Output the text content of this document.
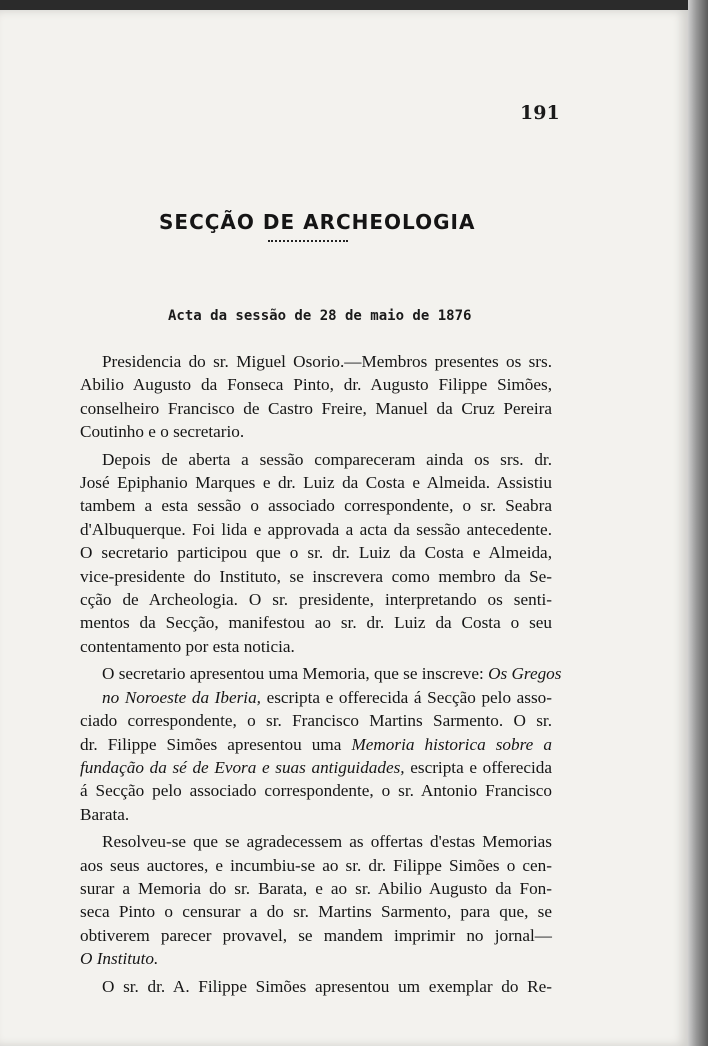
191
SECÇÃO DE ARCHEOLOGIA
Acta da sessão de 28 de maio de 1876

Presidencia do sr. Miguel Osorio.—Membros presentes os srs.
Abilio Augusto da Fonseca Pinto, dr. Augusto Filippe Simões,
conselheiro Francisco de Castro Freire, Manuel da Cruz Pereira
Coutinho e o secretario.

Depois de aberta a sessão compareceram ainda os srs. dr.
José Epiphanio Marques e dr. Luiz da Costa e Almeida. Assistiu
tambem a esta sessão o associado correspondente, o sr. Seabra
d'Albuquerque. Foi lida e approvada a acta da sessão antecedente.
O secretario participou que o sr. dr. Luiz da Costa e Almeida,
vice-presidente do Instituto, se inscrevera como membro da Se-
cção de Archeologia. O sr. presidente, interpretando os senti-
mentos da Secção, manifestou ao sr. dr. Luiz da Costa o seu
contentamento por esta noticia.

O secretario apresentou uma Memoria, que se inscreve: Os Gregos
no Noroeste da Iberia, escripta e offerecida á Secção pelo asso-
ciado correspondente, o sr. Francisco Martins Sarmento. O sr.
dr. Filippe Simões apresentou uma Memoria historica sobre a
fundação da sé de Evora e suas antiguidades, escripta e offerecida
á Secção pelo associado correspondente, o sr. Antonio Francisco
Barata.

Resolveu-se que se agradecessem as offertas d'estas Memorias
aos seus auctores, e incumbiu-se ao sr. dr. Filippe Simões o cen-
surar a Memoria do sr. Barata, e ao sr. Abilio Augusto da Fon-
seca Pinto o censurar a do sr. Martins Sarmento, para que, se
obtiverem parecer provavel, se mandem imprimir no jornal—
O Instituto.

O sr. dr. A. Filippe Simões apresentou um exemplar do Re-
